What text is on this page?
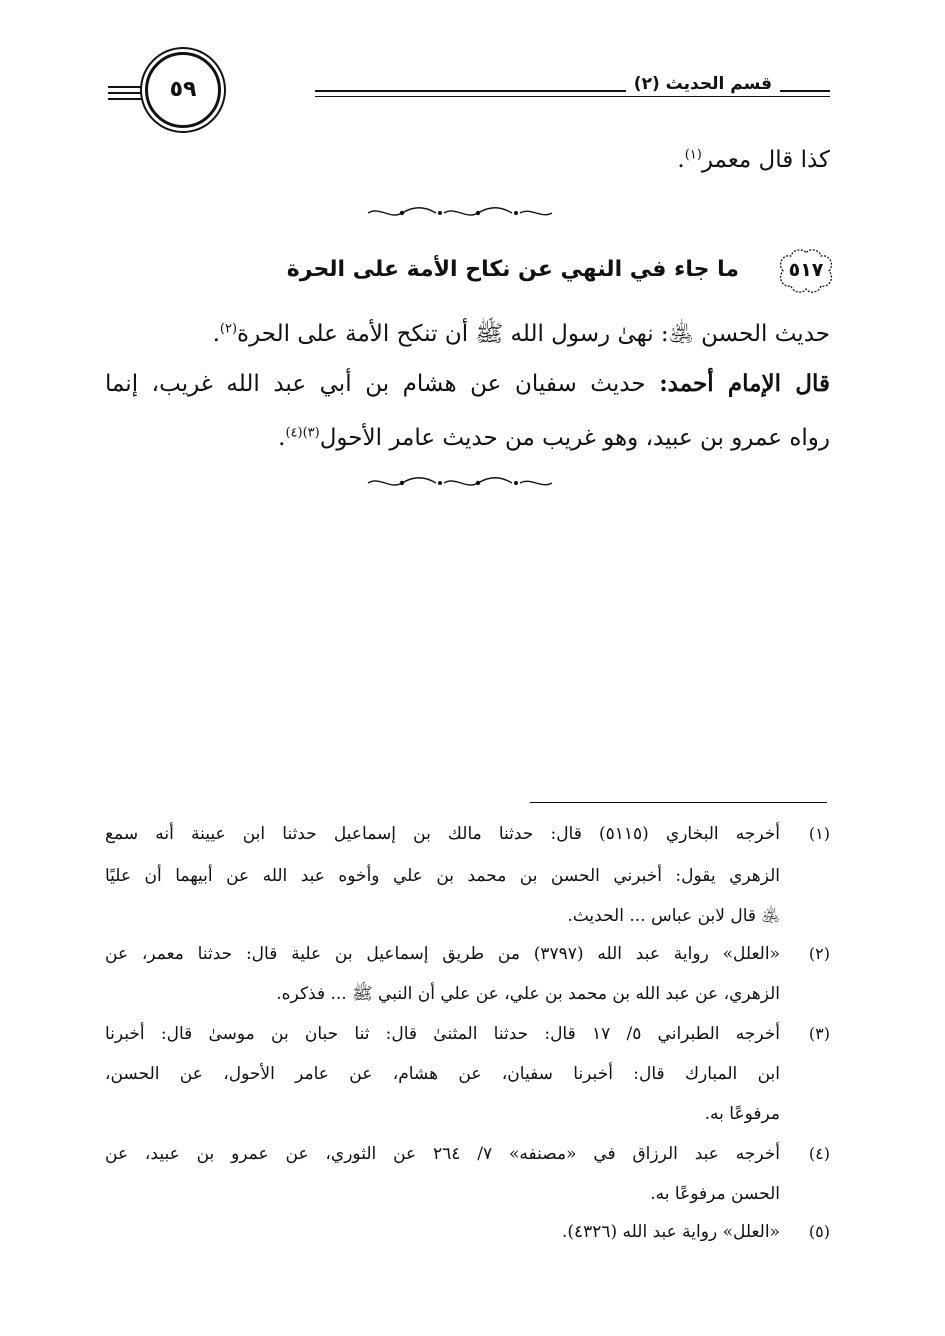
قسم الحديث (٢)
٥٩
كذا قال معمر$^{(١)}$.
٥١٧
ما جاء في النهي عن نكاح الأمة على الحرة
حديث الحسن ﵁: نهىٰ رسول الله ﷺ أن تنكح الأمة على الحرة$^{(٢)}$.
قال الإمام أحمد: حديث سفيان عن هشام بن أبي عبد الله غريب، إنما
رواه عمرو بن عبيد، وهو غريب من حديث عامر الأحول$^{(٣)(٤)}$.
(١)
أخرجه البخاري (٥١١٥) قال: حدثنا مالك بن إسماعيل حدثنا ابن عيينة أنه سمع
الزهري يقول: أخبرني الحسن بن محمد بن علي وأخوه عبد الله عن أبيهما أن عليًا
﵁ قال لابن عباس ... الحديث.
(٢)
«العلل» رواية عبد الله (٣٧٩٧) من طريق إسماعيل بن علية قال: حدثنا معمر، عن
الزهري، عن عبد الله بن محمد بن علي، عن علي أن النبي ﷺ ... فذكره.
(٣)
أخرجه الطبراني ٥/ ١٧ قال: حدثنا المثنىٰ قال: ثنا حبان بن موسىٰ قال: أخبرنا
ابن المبارك قال: أخبرنا سفيان، عن هشام، عن عامر الأحول، عن الحسن،
مرفوعًا به.
(٤)
أخرجه عبد الرزاق في «مصنفه» ٧/ ٢٦٤ عن الثوري، عن عمرو بن عبيد، عن
الحسن مرفوعًا به.
(٥)
«العلل» رواية عبد الله (٤٣٢٦).
